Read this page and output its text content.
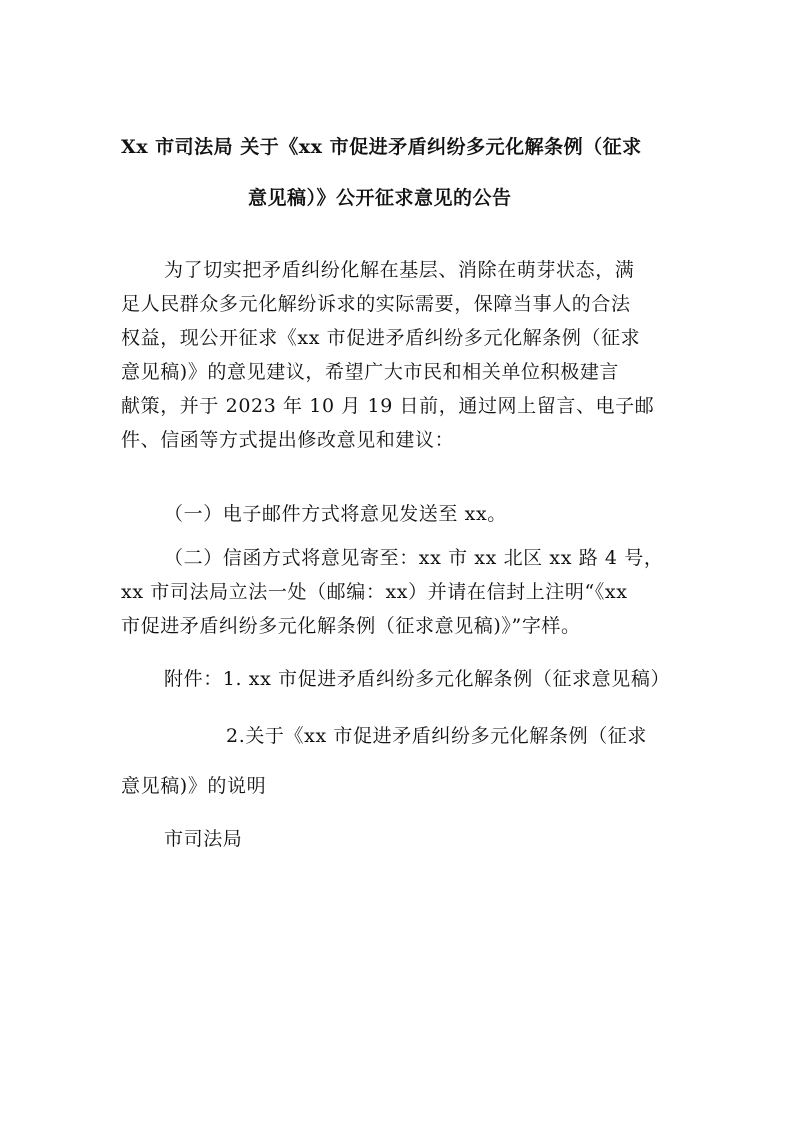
Xx 市司法局 关于《xx 市促进矛盾纠纷多元化解条例（征求
意见稿）》公开征求意见的公告
为了切实把矛盾纠纷化解在基层、消除在萌芽状态，满
足人民群众多元化解纷诉求的实际需要，保障当事人的合法
权益，现公开征求《xx 市促进矛盾纠纷多元化解条例（征求
意见稿)》的意见建议，希望广大市民和相关单位积极建言
献策，并于 2023 年 10 月 19 日前，通过网上留言、电子邮
件、信函等方式提出修改意见和建议：
（一）电子邮件方式将意见发送至 xx。
（二）信函方式将意见寄至：xx 市 xx 北区 xx 路 4 号，
xx 市司法局立法一处（邮编：xx）并请在信封上注明“《xx
市促进矛盾纠纷多元化解条例（征求意见稿)》”字样。
附件：1. xx 市促进矛盾纠纷多元化解条例（征求意见稿）
2.关于《xx 市促进矛盾纠纷多元化解条例（征求
意见稿)》的说明
市司法局
